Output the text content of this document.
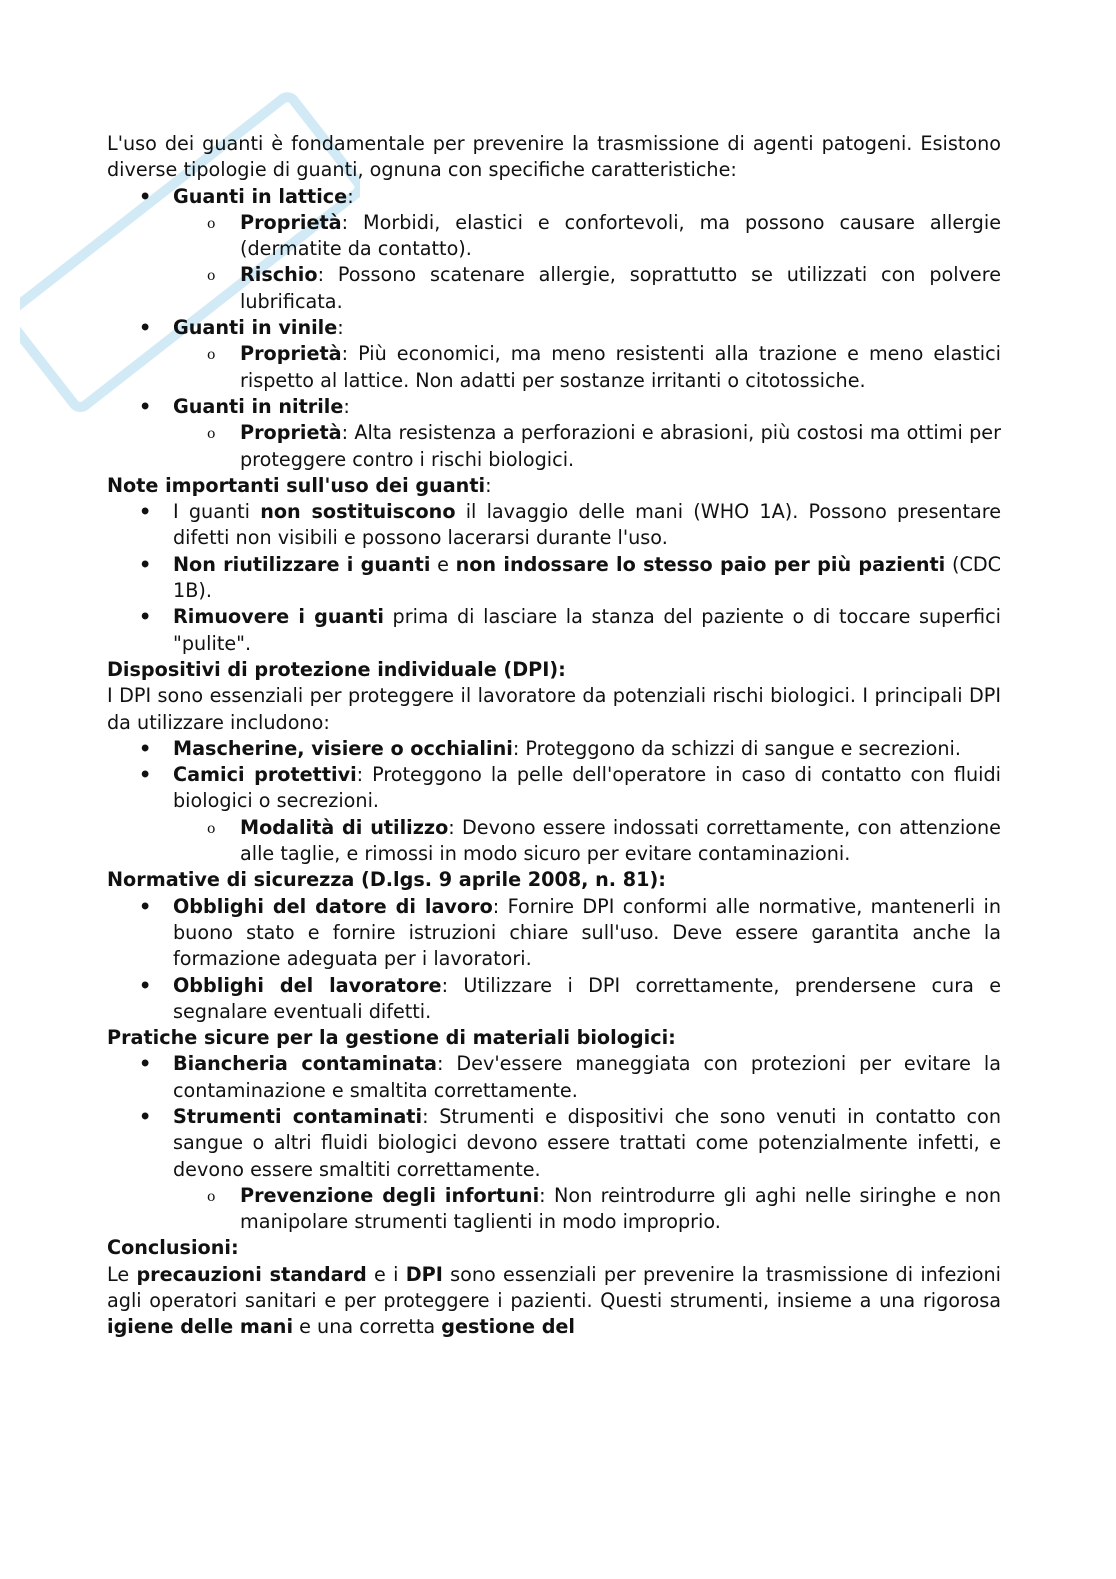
L'uso dei guanti è fondamentale per prevenire la trasmissione di agenti patogeni. Esistono diverse tipologie di guanti, ognuna con specifiche caratteristiche:

• Guanti in lattice:
o Proprietà: Morbidi, elastici e confortevoli, ma possono causare allergie (dermatite da contatto).
o Rischio: Possono scatenare allergie, soprattutto se utilizzati con polvere lubrificata.
• Guanti in vinile:
o Proprietà: Più economici, ma meno resistenti alla trazione e meno elastici rispetto al lattice. Non adatti per sostanze irritanti o citotossiche.
• Guanti in nitrile:
o Proprietà: Alta resistenza a perforazioni e abrasioni, più costosi ma ottimi per proteggere contro i rischi biologici.

Note importanti sull'uso dei guanti:

• I guanti non sostituiscono il lavaggio delle mani (WHO 1A). Possono presentare difetti non visibili e possono lacerarsi durante l'uso.
• Non riutilizzare i guanti e non indossare lo stesso paio per più pazienti (CDC 1B).
• Rimuovere i guanti prima di lasciare la stanza del paziente o di toccare superfici "pulite".

Dispositivi di protezione individuale (DPI):

I DPI sono essenziali per proteggere il lavoratore da potenziali rischi biologici. I principali DPI da utilizzare includono:

• Mascherine, visiere o occhialini: Proteggono da schizzi di sangue e secrezioni.
• Camici protettivi: Proteggono la pelle dell'operatore in caso di contatto con fluidi biologici o secrezioni.
o Modalità di utilizzo: Devono essere indossati correttamente, con attenzione alle taglie, e rimossi in modo sicuro per evitare contaminazioni.

Normative di sicurezza (D.lgs. 9 aprile 2008, n. 81):

• Obblighi del datore di lavoro: Fornire DPI conformi alle normative, mantenerli in buono stato e fornire istruzioni chiare sull'uso. Deve essere garantita anche la formazione adeguata per i lavoratori.
• Obblighi del lavoratore: Utilizzare i DPI correttamente, prendersene cura e segnalare eventuali difetti.

Pratiche sicure per la gestione di materiali biologici:

• Biancheria contaminata: Dev'essere maneggiata con protezioni per evitare la contaminazione e smaltita correttamente.
• Strumenti contaminati: Strumenti e dispositivi che sono venuti in contatto con sangue o altri fluidi biologici devono essere trattati come potenzialmente infetti, e devono essere smaltiti correttamente.
o Prevenzione degli infortuni: Non reintrodurre gli aghi nelle siringhe e non manipolare strumenti taglienti in modo improprio.

Conclusioni:

Le precauzioni standard e i DPI sono essenziali per prevenire la trasmissione di infezioni agli operatori sanitari e per proteggere i pazienti. Questi strumenti, insieme a una rigorosa igiene delle mani e una corretta gestione del
